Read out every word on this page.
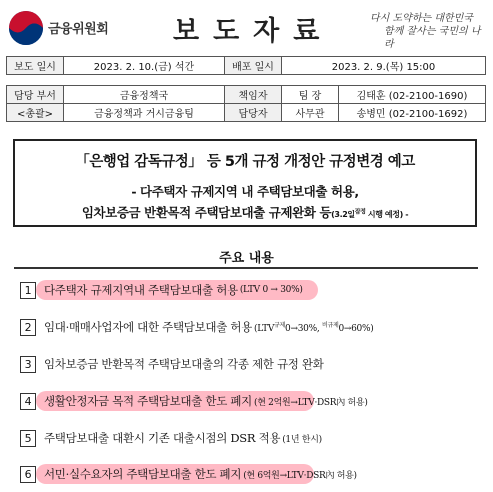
금융위원회 보도자료	다시 도약하는 대한민국
함께 잘사는 국민의 나라
보도 일시	2023. 2. 10.(금) 석간	배포 일시	2023. 2. 9.(목) 15:00
담당 부서	금융정책국	책임자	팀 장	김태훈 (02-2100-1690)
<총괄>	금융정책과 거시금융팀	담당자	사무관	송병민 (02-2100-1692)
「은행업 감독규정」 등 5개 규정 개정안 규정변경 예고
- 다주택자 규제지역 내 주택담보대출 허용,
임차보증금 반환목적 주택담보대출 규제완화 등(3.2일$^{잠정}$ 시행 예정) -
주요 내용
1	다주택자 규제지역내 주택담보대출 허용 (LTV 0 → 30%)
2	임대·매매사업자에 대한 주택담보대출 허용 ($LTV^{규제}0\to 30\%$, $^{비규제}$0→60%)
3	임차보증금 반환목적 주택담보대출의 각종 제한 규정 완화
4	생활안정자금 목적 주택담보대출 한도 폐지 (현 2억원→LTV·DSR內 허용)
5	주택담보대출 대환시 기존 대출시점의 DSR 적용 (1년 한시)
6	서민·실수요자의 주택담보대출 한도 폐지 (현 6억원→LTV·DSR內 허용)
